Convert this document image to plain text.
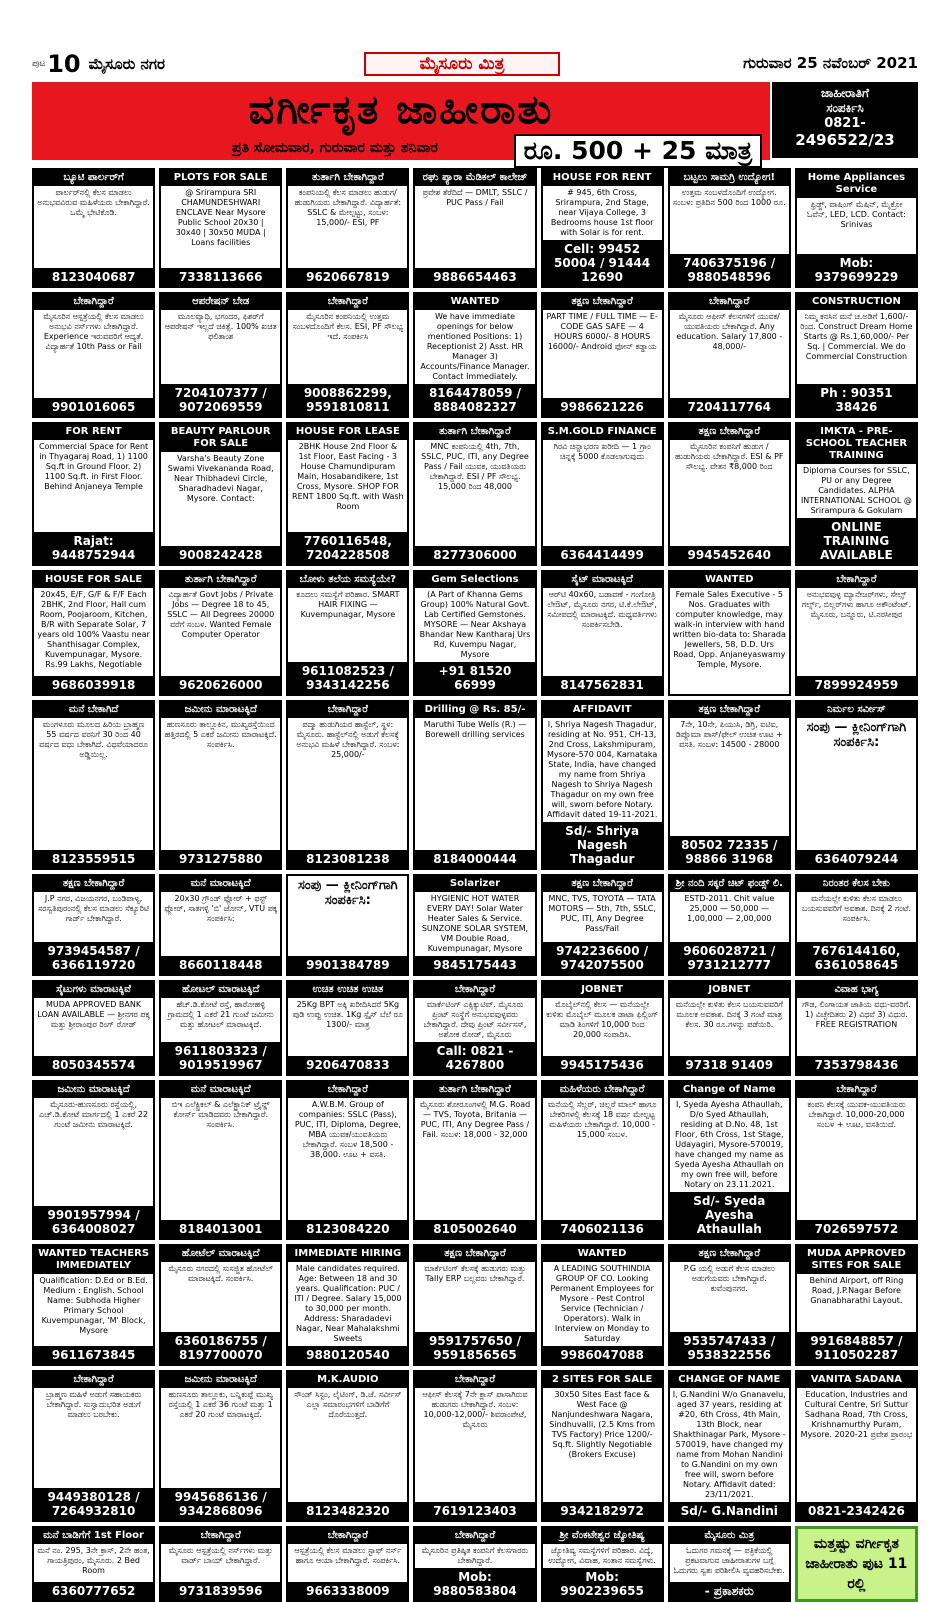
ಪುಟ 10 ಮೈಸೂರು ನಗರ	ಮೈಸೂರು ಮಿತ್ರ	ಗುರುವಾರ 25 ನವೆಂಬರ್ 2021
ವರ್ಗೀಕೃತ ಜಾಹೀರಾತು
ಪ್ರತಿ ಸೋಮವಾರ, ಗುರುವಾರ ಮತ್ತು ಶನಿವಾರ	ರೂ. 500 + 25 ಮಾತ್ರ
ಜಾಹೀರಾತಿಗೆ
ಸಂಪರ್ಕಿಸಿ
0821-
2496522/23
ಬ್ಯೂಟಿ ಪಾರ್ಲರ್‌ಗೆ
ಪಾರ್ಲರ್‌ನಲ್ಲಿ ಕೆಲಸ ಮಾಡಲು ಅನುಭವವಿರುವ ಮಹಿಳೆಯರು ಬೇಕಾಗಿದ್ದಾರೆ. ಒಮ್ಮೆ ಭೇಟಿಕೊಡಿ.
8123040687
PLOTS FOR SALE
@ Srirampura SRI CHAMUNDESHWARI ENCLAVE Near Mysore Public School 20x30 | 30x40 | 30x50 MUDA | Loans facilities
7338113666
ತುರ್ತಾಗಿ ಬೇಕಾಗಿದ್ದಾರೆ
ಕಂಪನಿಯಲ್ಲಿ ಕೆಲಸ ಮಾಡಲು ಹುಡುಗ/ಹುಡುಗಿಯರು ಬೇಕಾಗಿದ್ದಾರೆ. ವಿದ್ಯಾರ್ಹತೆ: SSLC & ಮೇಲ್ಪಟ್ಟು, ಸಂಬಳ: 15,000/- ESI, PF
9620667819
ರಘು ಪ್ಯಾರಾ ಮೆಡಿಕಲ್ ಕಾಲೇಜ್
ಪ್ರವೇಶ ತೆರೆದಿದೆ — DMLT, SSLC / PUC Pass / Fail
9886654463
HOUSE FOR RENT
# 945, 6th Cross, Srirampura, 2nd Stage, near Vijaya College, 3 Bedrooms house 1st floor with Solar is for rent.
Cell: 99452 50004 / 91444 12690
ಬಟ್ಟಲು ಸಾಮಗ್ರಿ ಉದ್ಯೋಗ!
ಉತ್ತಮ ಸಂಬಳದೊಂದಿಗೆ ಉದ್ಯೋಗ. ಸಂಬಳ: ಪ್ರತಿದಿನ 500 ರಿಂದ 1000 ರೂ.
7406375196 / 9880548596
Home Appliances Service
ಫ್ರಿಡ್ಜ್, ವಾಷಿಂಗ್ ಮೆಷಿನ್, ಮೈಕ್ರೋ ಓವೆನ್, LED, LCD. Contact: Srinivas
Mob: 9379699229
ಬೇಕಾಗಿದ್ದಾರೆ
ಮೈಸೂರಿನ ಆಸ್ಪತ್ರೆಯಲ್ಲಿ ಕೆಲಸ ಮಾಡಲು ಅನುಭವಿ ನರ್ಸ್‌ಗಳು ಬೇಕಾಗಿದ್ದಾರೆ. Experience ಇರುವವರಿಗೆ ಆದ್ಯತೆ. ವಿದ್ಯಾರ್ಹತೆ 10th Pass or Fail
9901016065
ಆಪರೇಷನ್ ಬೇಡ
ಮೂಲವ್ಯಾಧಿ, ಭಗಂದರ, ಫಿಶರ್‌ಗೆ ಆಪರೇಷನ್ ಇಲ್ಲದೆ ಚಿಕಿತ್ಸೆ. 100% ಖಚಿತ ಫಲಿತಾಂಶ
7204107377 / 9072069559
ಬೇಕಾಗಿದ್ದಾರೆ
ಮೈಸೂರಿನ ಕಂಪನಿಯಲ್ಲಿ ಉತ್ತಮ ಸಂಬಳದೊಂದಿಗೆ ಕೆಲಸ. ESI, PF ಸೌಲಭ್ಯ ಇದೆ. ಸಂಪರ್ಕಿಸಿ
9008862299, 9591810811
WANTED
We have immediate openings for below mentioned Positions: 1) Receptionist 2) Asst. HR Manager 3) Accounts/Finance Manager. Contact Immediately.
8164478059 / 8884082327
ತಕ್ಷಣ ಬೇಕಾಗಿದ್ದಾರೆ
PART TIME / FULL TIME — E-CODE GAS SAFE — 4 HOURS 6000/- 8 HOURS 16000/- Android ಫೋನ್ ಕಡ್ಡಾಯ
9986621226
ಬೇಕಾಗಿದ್ದಾರೆ
ಮೈಸೂರು ಆಫೀಸ್ ಕೆಲಸಗಳಿಗೆ ಯುವಕ/ಯುವತಿಯರು ಬೇಕಾಗಿದ್ದಾರೆ. Any education. Salary 17,800 - 48,000/-
7204117764
CONSTRUCTION
ನಿಮ್ಮ ಕನಸಿನ ಮನೆ ಚ.ಅಡಿಗೆ 1,600/- ರಿಂದ. Construct Dream Home Starts @ Rs.1,60,000/- Per Sq. | Commercial. We do Commercial Construction
Ph : 90351 38426
FOR RENT
Commercial Space for Rent in Thyagaraj Road, 1) 1100 Sq.ft in Ground Floor. 2) 1100 Sq.ft. in First Floor. Behind Anjaneya Temple
Rajat: 9448752944
BEAUTY PARLOUR FOR SALE
Varsha's Beauty Zone Swami Vivekananda Road, Near Thibhadevi Circle, Sharadhadevi Nagar, Mysore. Contact:
9008242428
HOUSE FOR LEASE
2BHK House 2nd Floor & 1st Floor, East Facing - 3 House Chamundipuram Main, Hosabandikere, 1st Cross, Mysore. SHOP FOR RENT 1800 Sq.ft. with Wash Room
7760116548, 7204228508
ತುರ್ತಾಗಿ ಬೇಕಾಗಿದ್ದಾರೆ
MNC ಕಂಪನಿಯಲ್ಲಿ 4th, 7th, SSLC, PUC, ITI, any Degree Pass / Fail ಯುವಕ, ಯುವತಿಯರು ಬೇಕಾಗಿದ್ದಾರೆ. ESI / PF ಸೌಲಭ್ಯ. 15,000 ರಿಂದ 48,000
8277306000
S.M.GOLD FINANCE
ಗಿರವಿ ಚಿನ್ನಾಭರಣ ಖರೀದಿ — 1 ಗ್ರಾಂ ಚಿನ್ನಕ್ಕೆ 5000 ಕೊಡಲಾಗುವುದು
6364414499
ತಕ್ಷಣ ಬೇಕಾಗಿದ್ದಾರೆ
ಮೈಸೂರಿನ ಕಂಪನಿಗೆ ಹುಡುಗ / ಹುಡುಗಿಯರು ಬೇಕಾಗಿದ್ದಾರೆ. ESI & PF ಸೌಲಭ್ಯ. ವೇತನ ₹8,000 ರಿಂದ
9945452640
IMKTA - PRE-SCHOOL TEACHER TRAINING
Diploma Courses for SSLC, PU or any Degree Candidates. ALPHA INTERNATIONAL SCHOOL @ Srirampura & Gokulam
ONLINE TRAINING AVAILABLE
HOUSE FOR SALE
20x45, E/F, G/F & F/F Each 2BHK, 2nd Floor, Hall cum Room, Poojaroom, Kitchen, B/R with Separate Solar, 7 years old 100% Vaastu near Shanthisagar Complex, Kuvempunagar, Mysore. Rs.99 Lakhs, Negotiable
9686039918
ತುರ್ತಾಗಿ ಬೇಕಾಗಿದ್ದಾರೆ
ವಿದ್ಯಾರ್ಹತೆ Govt Jobs / Private Jobs — Degree 18 to 45, SSLC — All Degrees 20000 ವರೆಗೆ ಸಂಬಳ. Wanted Female Computer Operator
9620626000
ಬೋಳು ತಲೆಯ ಸಮಸ್ಯೆಯೇ?
ಕೂದಲು ಸಮಸ್ಯೆಗೆ ಪರಿಹಾರ. SMART HAIR FIXING — Kuvempunagar, Mysore
9611082523 / 9343142256
Gem Selections
(A Part of Khanna Gems Group) 100% Natural Govt. Lab Certified Gemstones. MYSORE — Near Akshaya Bhandar New Kantharaj Urs Rd, Kuvempu Nagar, Mysore
+91 81520 66999
ಸೈಟ್ ಮಾರಾಟಕ್ಕಿದೆ
ಆರ್‌ಟಿ 40x60, ಬಡಾವಣೆ - ಗಂಗೋತ್ರಿ ಲೇಔಟ್, ಮೈಸೂರು ನಗರ, ಟಿ.ಕೆ.ಲೇಔಟ್, ಸಮೀಪದಲ್ಲಿ ಮಾರಾಟಕ್ಕಿದೆ. ಮಧ್ಯವರ್ತಿಗಳು ಸಂಪರ್ಕಿಸಬೇಡಿ.
8147562831
WANTED
Female Sales Executive - 5 Nos. Graduates with computer knowledge, may walk-in interview with hand written bio-data to: Sharada Jewellers, 58, D.D. Urs Road, Opp. Anjaneyaswamy Temple, Mysore.
ಬೇಕಾಗಿದ್ದಾರೆ
ಅನುಭವವುಳ್ಳ ಮ್ಯಾನೇಜರ್‌ಗಳು, ಸೇಲ್ಸ್ ಗರ್ಲ್ಸ್, ಬಿಲ್ಲರ್‌ಗಳು ಹಾಗೂ ಅಕೌಂಟೆಂಟ್. ಮೈಸೂರು, ಬನ್ನೂರು, ಟಿ.ನರಸೀಪುರ
7899924959
ಮನೆ ಬೇಕಾಗಿದೆ
ಮಂಗಳೂರು ಮೂಲದ ಹಿರಿಯ ಬ್ರಾಹ್ಮಣ 55 ವರ್ಷದ ವರನಿಗೆ 30 ರಿಂದ 40 ವರ್ಷದ ವಧು ಬೇಕಾಗಿದೆ. ವಿಧವೆಯಾದರೂ ಅಡ್ಡಿಯಿಲ್ಲ.
8123559515
ಜಮೀನು ಮಾರಾಟಕ್ಕಿದೆ
ಹುಣಸೂರು ತಾಲ್ಲೂಕಿನ, ಮುಖ್ಯರಸ್ತೆಯಿಂದ ಹತ್ತಿರದಲ್ಲಿ 5 ಎಕರೆ ಜಮೀನು ಮಾರಾಟಕ್ಕಿದೆ. ಸಂಪರ್ಕಿಸಿ.
9731275880
ಬೇಕಾಗಿದ್ದಾರೆ
ಪದ್ಮಾ ಹುಡುಗಿಯರ ಹಾಸ್ಟೆಲ್, ಸ್ಥಳ: ಮೈಸೂರು. ಹಾಸ್ಟೆಲ್‌ನಲ್ಲಿ ಅಡುಗೆ ಕೆಲಸಕ್ಕೆ ಅನುಭವಿ ಮಹಿಳೆ ಬೇಕಾಗಿದ್ದಾರೆ. ಸಂಬಳ: 25,000/-
8123081238
Drilling @ Rs. 85/-
Maruthi Tube Wells (R.) — Borewell drilling services
8184000444
AFFIDAVIT
I, Shriya Nagesh Thagadur, residing at No. 951, CH-13, 2nd Cross, Lakshmipuram, Mysore-570 004, Karnataka State, India, have changed my name from Shriya Nagesh to Shriya Nagesh Thagadur on my own free will, sworn before Notary. Affidavit dated 19-11-2021.
Sd/- Shriya Nagesh Thagadur
ತಕ್ಷಣ ಬೇಕಾಗಿದ್ದಾರೆ
7ನೇ, 10ನೇ, ಪಿಯುಸಿ, ಡಿಗ್ರಿ, ಐಟಿಐ, ಡಿಪ್ಲೊಮಾ ಪಾಸ್/ಫೇಲ್ ಉಚಿತ ಊಟ + ವಸತಿ. ಸಂಬಳ: 14500 - 28000
80502 72335 / 98866 31968
ನಿರ್ಮಲ ಸರ್ವೀಸ್
ಸಂಪು — ಕ್ಲೀನಿಂಗ್‌ಗಾಗಿ ಸಂಪರ್ಕಿಸಿ:
6364079244
ತಕ್ಷಣ ಬೇಕಾಗಿದ್ದಾರೆ
J.P ನಗರ, ವಿಜಯನಗರ, ಬಂಡಿಪಾಳ್ಯ, ಸರಸ್ವತಿಪುರಂನಲ್ಲಿ ಕೆಲಸ ಮಾಡಲು ಸೆಕ್ಯೂರಿಟಿ ಗಾರ್ಡ್ ಬೇಕಾಗಿದ್ದಾರೆ.
9739454587 / 6366119720
ಮನೆ ಮಾರಾಟಕ್ಕಿದೆ
20x30 ಗ್ರೌಂಡ್ ಫ್ಲೋರ್ + ಫಸ್ಟ್ ಫ್ಲೋರ್, ಸಾತಗಳ್ಳಿ 'ಬಿ' ಜೋನ್, VTU ಪಕ್ಕ ಸಂಪರ್ಕಿಸಿ:
8660118448
ಸಂಪು — ಕ್ಲೀನಿಂಗ್‌ಗಾಗಿ ಸಂಪರ್ಕಿಸಿ:
9901384789
Solarizer
HYGIENIC HOT WATER EVERY DAY! Solar Water Heater Sales & Service. SUNZONE SOLAR SYSTEM, VM Double Road, Kuvempunagar, Mysore
9845175443
ತಕ್ಷಣ ಬೇಕಾಗಿದ್ದಾರೆ
MNC, TVS, TOYOTA — TATA MOTORS — 5th, 7th, SSLC, PUC, ITI, Any Degree Pass/Fail
9742236600 / 9742075500
ಶ್ರೀ ನಂದಿ ಸಕ್ಕರೆ ಚಿಟ್ ಫಂಡ್ಸ್ ಲಿ.
ESTD-2011. Chit value 25,000 — 50,000 — 1,00,000 — 2,00,000
9606028721 / 9731212777
ನಿರಂತರ ಕೆಲಸ ಬೇಕು
ಮನೆಯಲ್ಲೇ ಕುಳಿತು ಕೆಲಸ ಮಾಡಲು ಬಯಸುವವರಿಗೆ ಅವಕಾಶ. ದಿನಕ್ಕೆ 2 ಗಂಟೆ. ಸಂಪರ್ಕಿಸಿ.
7676144160, 6361058645
ಸೈಟುಗಳು ಮಾರಾಟಕ್ಕಿವೆ
MUDA APPROVED BANK LOAN AVAILABLE — ಶ್ರೀನಗರ ಪಕ್ಕ ಮತ್ತು ಶ್ರೀರಾಂಪುರ ರಿಂಗ್ ರೋಡ್
8050345574
ಹೋಟಲ್ ಮಾರಾಟಕ್ಕಿದೆ
ಹೆಚ್.ಡಿ.ಕೋಟೆ ರಸ್ತೆ, ಹಾರೋಹಳ್ಳಿ ಗ್ರಾಮದಲ್ಲಿ 1 ಎಕರೆ 21 ಗುಂಟೆ ಜಮೀನು ಮತ್ತು ಹೋಟಲ್ ಮಾರಾಟಕ್ಕಿದೆ.
9611803323 / 9019519967
ಉಚಿತ ಉಚಿತ ಉಚಿತ
25Kg BPT ಅಕ್ಕಿ ಖರೀದಿಸಿದರೆ 5Kg ಪುಡಿ ಉಪ್ಪು ಉಚಿತ. 1Kg ಸ್ಪೈಸ್ ಬೆಲೆ ರೂ 1300/- ಮಾತ್ರ
9206470833
ಬೇಕಾಗಿದ್ದಾರೆ
ಮಾರ್ಕೆಟಿಂಗ್ ಎಕ್ಸಿಕ್ಯುಟಿವ್. ಮೈಸೂರು ಪ್ರಿಂಟ್ ಸಂಸ್ಥೆಗೆ ಅನುಭವವುಳ್ಳವರು ಬೇಕಾಗಿದ್ದಾರೆ. ದೇವು ಪ್ರಿಂಟ್ ಸರ್ವೀಸಸ್, ಅಶೋಕ ರೋಡ್, ಮೈಸೂರು
Call: 0821 - 4267800
JOBNET
ಮೊಬೈಲ್‌ನಲ್ಲಿ ಕೆಲಸ — ಮನೆಯಲ್ಲೇ ಕುಳಿತು ಮೊಬೈಲ್ ಮೂಲಕ ಡಾಟಾ ಫಿಲ್ಲಿಂಗ್ ಮಾಡಿ ತಿಂಗಳಿಗೆ 10,000 ರಿಂದ 20,000 ಸಂಪಾದಿಸಿ.
9945175436
JOBNET
ಮನೆಯಲ್ಲೇ ಕುಳಿತು ಕೆಲಸ ಬಯಸುವವರಿಗೆ ಮೂಲಕ ಅವಕಾಶ. ದಿನಕ್ಕೆ 3 ಗಂಟೆ ಮಾತ್ರ ಕೆಲಸ. 30 ರೂ.ಗಳನ್ನು ಪಡೆಯಿರಿ.
97318 91409
ವಿವಾಹ ಭಾಗ್ಯ
ಗೌಡ, ಲಿಂಗಾಯತ ಜಾತಿಯ ವಧು-ವರರಿಗೆ. 1) ವಿಚ್ಛೇದಿತರು 2) ವಿಧವೆ 3) ವಿಧುರ. FREE REGISTRATION
7353798436
ಜಮೀನು ಮಾರಾಟಕ್ಕಿದೆ
ಮೈಸೂರು-ಹುಣಸೂರು ರಸ್ತೆಯಲ್ಲಿ, ಎಚ್.ಡಿ.ಕೋಟೆ ಮಾರ್ಗದಲ್ಲಿ 1 ಎಕರೆ 22 ಗುಂಟೆ ಜಮೀನು ಮಾರಾಟಕ್ಕಿದೆ.
9901957994 / 6364008027
ಮನೆ ಮಾರಾಟಕ್ಕಿದೆ
ಬಿಇ ಎಲೆಕ್ಟ್ರಿಕಲ್ & ಎಲೆಕ್ಟ್ರಾನಿಕ್ ಟ್ರೈನ್ಡ್ ಕೋರ್ಸ್ ಮಾಡಿದವರು ಬೇಕಾಗಿದ್ದಾರೆ. ಸಂಪರ್ಕಿಸಿ.
8184013001
ಬೇಕಾಗಿದ್ದಾರೆ
A.W.B.M. Group of companies: SSLC (Pass), PUC, ITI, Diploma, Degree, MBA ಯುವಕ/ಯುವತಿಯರು ಬೇಕಾಗಿದ್ದಾರೆ. ಸಂಬಳ 18,500 - 38,000. ಊಟ + ವಸತಿ.
8123084220
ತುರ್ತಾಗಿ ಬೇಕಾಗಿದ್ದಾರೆ
ಮೈಸೂರು ಶೋರೂಂಗಳಲ್ಲಿ M.G. Road — TVS, Toyota, Britania — PUC, ITI, Any Degree Pass / Fail. ಸಂಬಳ: 18,000 - 32,000
8105002640
ಮಹಿಳೆಯರು ಬೇಕಾಗಿದ್ದಾರೆ
ಮನೆಯಲ್ಲಿ ಸೆಲ್ಲರ್, ಚಿಲ್ಲರೆ ಮಾಲ್ ಹಾಗೂ ಬೇಕರಿಗಳಲ್ಲಿ ಕೆಲಸಕ್ಕೆ 18 ವರ್ಷ ಮೇಲ್ಪಟ್ಟ ಮಹಿಳೆಯರು ಬೇಕಾಗಿದ್ದಾರೆ. 10,000 - 15,000 ಸಂಬಳ.
7406021136
Change of Name
I, Syeda Ayesha Athaullah, D/o Syed Athaullah, residing at D.No. 48, 1st Floor, 6th Cross, 1st Stage, Udayagiri, Mysore-570019, have changed my name as Syeda Ayesha Athaullah on my own free will, before Notary on 23.11.2021.
Sd/- Syeda Ayesha Athaullah
ಬೇಕಾಗಿದ್ದಾರೆ
ಕಂಪನಿ ಕೆಲಸಕ್ಕೆ ಯುವಕ-ಯುವತಿಯರು ಬೇಕಾಗಿದ್ದಾರೆ. 10,000-20,000 ಸಂಬಳ + ಊಟ, ವಸತಿಯಿದೆ.
7026597572
WANTED TEACHERS IMMEDIATELY
Qualification: D.Ed or B.Ed. Medium : English. School Name: Subhoda Higher Primary School Kuvempunagar, 'M' Block, Mysore
9611673845
ಹೋಟೆಲ್ ಮಾರಾಟಕ್ಕಿದೆ
ಮೈಸೂರು ನಗರದಲ್ಲಿ ಸುಸಜ್ಜಿತ ಹೋಟೆಲ್ ಮಾರಾಟಕ್ಕಿದೆ. ಸಂಪರ್ಕಿಸಿ.
6360186755 / 8197700070
IMMEDIATE HIRING
Male candidates required. Age: Between 18 and 30 years. Qualification: PUC / ITI / Degree. Salary 15,000 to 30,000 per month. Address: Sharadadevi Nagar, Near Mahalakshmi Sweets
9880120540
ತಕ್ಷಣ ಬೇಕಾಗಿದ್ದಾರೆ
ಮಾರ್ಕೆಟಿಂಗ್ ಕೆಲಸಕ್ಕೆ ಹುಡುಗರು ಮತ್ತು Tally ERP ಬಲ್ಲವರು ಬೇಕಾಗಿದ್ದಾರೆ.
9591757650 / 9591856565
WANTED
A LEADING SOUTHINDIA GROUP OF CO. Looking Permanent Employees for Mysore - Pest Control Service (Technician / Operators). Walk in Interview on Monday to Saturday
9986047088
ತಕ್ಷಣ ಬೇಕಾಗಿದ್ದಾರೆ
P.G ಯಲ್ಲಿ ಅಡುಗೆ ಕೆಲಸ ಮಾಡಲು ಅಡುಗೆಯವರು ಬೇಕಾಗಿದ್ದಾರೆ. ಕುವೆಂಪುನಗರ.
9535747433 / 9538322556
MUDA APPROVED SITES FOR SALE
Behind Airport, off Ring Road, J.P.Nagar Before Gnanabharathi Layout.
9916848857 / 9110502287
ಬೇಕಾಗಿದ್ದಾರೆ
ಬ್ರಾಹ್ಮಣ ಮಹಿಳೆ ಅಡುಗೆ ಸಹಾಯಕರು ಬೇಕಾಗಿದ್ದಾರೆ. ಸುಸ್ವಾದುಭರಿತ ಅಡುಗೆ ಮಾಡಲು ಬರಬೇಕು.
9449380128 / 7264932810
ಜಮೀನು ಮಾರಾಟಕ್ಕಿದೆ
ಹುಣಸೂರು ತಾಲ್ಲೂಕು, ಬನ್ನಿಕುಪ್ಪೆ ಮುಖ್ಯ ರಸ್ತೆಯಲ್ಲಿ 1 ಎಕರೆ 36 ಗುಂಟೆ ಮತ್ತು 1 ಎಕರೆ 20 ಗುಂಟೆ ಮಾರಾಟಕ್ಕಿದೆ.
9945686136 / 9342868096
M.K.AUDIO
ಸೌಂಡ್ ಸಿಸ್ಟಂ, ಲೈಟಿಂಗ್, ಡಿ.ಜೆ. ಸರ್ವೀಸ್ ಎಲ್ಲಾ ಸಮಾರಂಭಗಳಿಗೆ ಬಾಡಿಗೆಗೆ ದೊರೆಯುತ್ತದೆ.
8123482320
ಬೇಕಾಗಿದ್ದಾರೆ
ಆಫೀಸ್ ಕೆಲಸಕ್ಕೆ 7ನೇ ಕ್ಲಾಸ್ ಪಾಸಾಗಿರುವ ಹುಡುಗರು ಬೇಕಾಗಿದ್ದಾರೆ. ಸಂಬಳ: 10,000-12,000/- ಶಿವರಾಂಪೇಟೆ, ಮೈಸೂರು
7619123403
2 SITES FOR SALE
30x50 Sites East face & West Face @ Nanjundeshwara Nagara, Sindhuvalli, (2.5 Kms from TVS Factory) Price 1200/-Sq.ft. Slightly Negotiable (Brokers Excuse)
9342182972
CHANGE OF NAME
I, G.Nandini W/o Gnanavelu, aged 37 years, residing at #20, 6th Cross, 4th Main, 13th Block, near Shakthinagar Park, Mysore - 570019, have changed my name from Mohan Nandini to G.Nandini on my own free will, sworn before Notary. Affidavit dated: 23/11/2021.
Sd/- G.Nandini
VANITA SADANA
Education, Industries and Cultural Centre, Sri Suttur Sadhana Road, 7th Cross, Krishnamurthy Puram, Mysore. 2020-21 ಪ್ರವೇಶ ಪ್ರಾರಂಭ
0821-2342426
ಮನೆ ಬಾಡಿಗೆಗೆ 1st Floor
ಮನೆ ನಂ. 295, 3ನೇ ಕ್ರಾಸ್, 2ನೇ ಹಂತ, ಗಾಯತ್ರಿಪುರಂ, ಮೈಸೂರು. 2 Bed Room
6360777652
ಬೇಕಾಗಿದ್ದಾರೆ
ಮೈಸೂರು ಆಸ್ಪತ್ರೆಯಲ್ಲಿ ನರ್ಸ್‌ಗಳು ಮತ್ತು ವಾರ್ಡ್ ಬಾಯ್ ಬೇಕಾಗಿದ್ದಾರೆ.
9731839596
ಬೇಕಾಗಿದ್ದಾರೆ
ಆಸ್ಪತ್ರೆಯಲ್ಲಿ ಕೆಲಸ ಮಾಡಲು ಸ್ಟಾಫ್ ನರ್ಸ್ ಹಾಗೂ ಆಯಾ ಬೇಕಾಗಿದ್ದಾರೆ. ಸಂಪರ್ಕಿಸಿ.
9663338009
ಬೇಕಾಗಿದ್ದಾರೆ
ಮೈಸೂರಿನ ಪ್ರತಿಷ್ಠಿತ ಕಂಪನಿಗೆ ಕೆಲಸಗಾರರು ಬೇಕಾಗಿದ್ದಾರೆ.
Mob: 9880583804
ಶ್ರೀ ವೆಂಕಟೇಶ್ವರ ಜ್ಯೋತಿಷ್ಯ
ಜ್ಯೋತಿಷ್ಯ ಸಮಸ್ಯೆಗಳಿಗೆ ಪರಿಹಾರ. ವಿದ್ಯೆ, ಉದ್ಯೋಗ, ವಿವಾಹ, ಸಂತಾನ ಸಮಸ್ಯೆಗಳು.
Mob: 9902239655
ಮೈಸೂರು ಮಿತ್ರ
ಓದುಗರ ಗಮನಕ್ಕೆ — ಪತ್ರಿಕೆಯಲ್ಲಿ ಪ್ರಕಟವಾಗುವ ಜಾಹೀರಾತುಗಳ ಬಗ್ಗೆ ಓದುಗರು ಸ್ವತಃ ಪರಿಶೀಲಿಸಿ ವ್ಯವಹರಿಸಬೇಕು.
- ಪ್ರಕಾಶಕರು
ಮತ್ತಷ್ಟು ವರ್ಗೀಕೃತ ಜಾಹೀರಾತು ಪುಟ 11 ರಲ್ಲಿ
